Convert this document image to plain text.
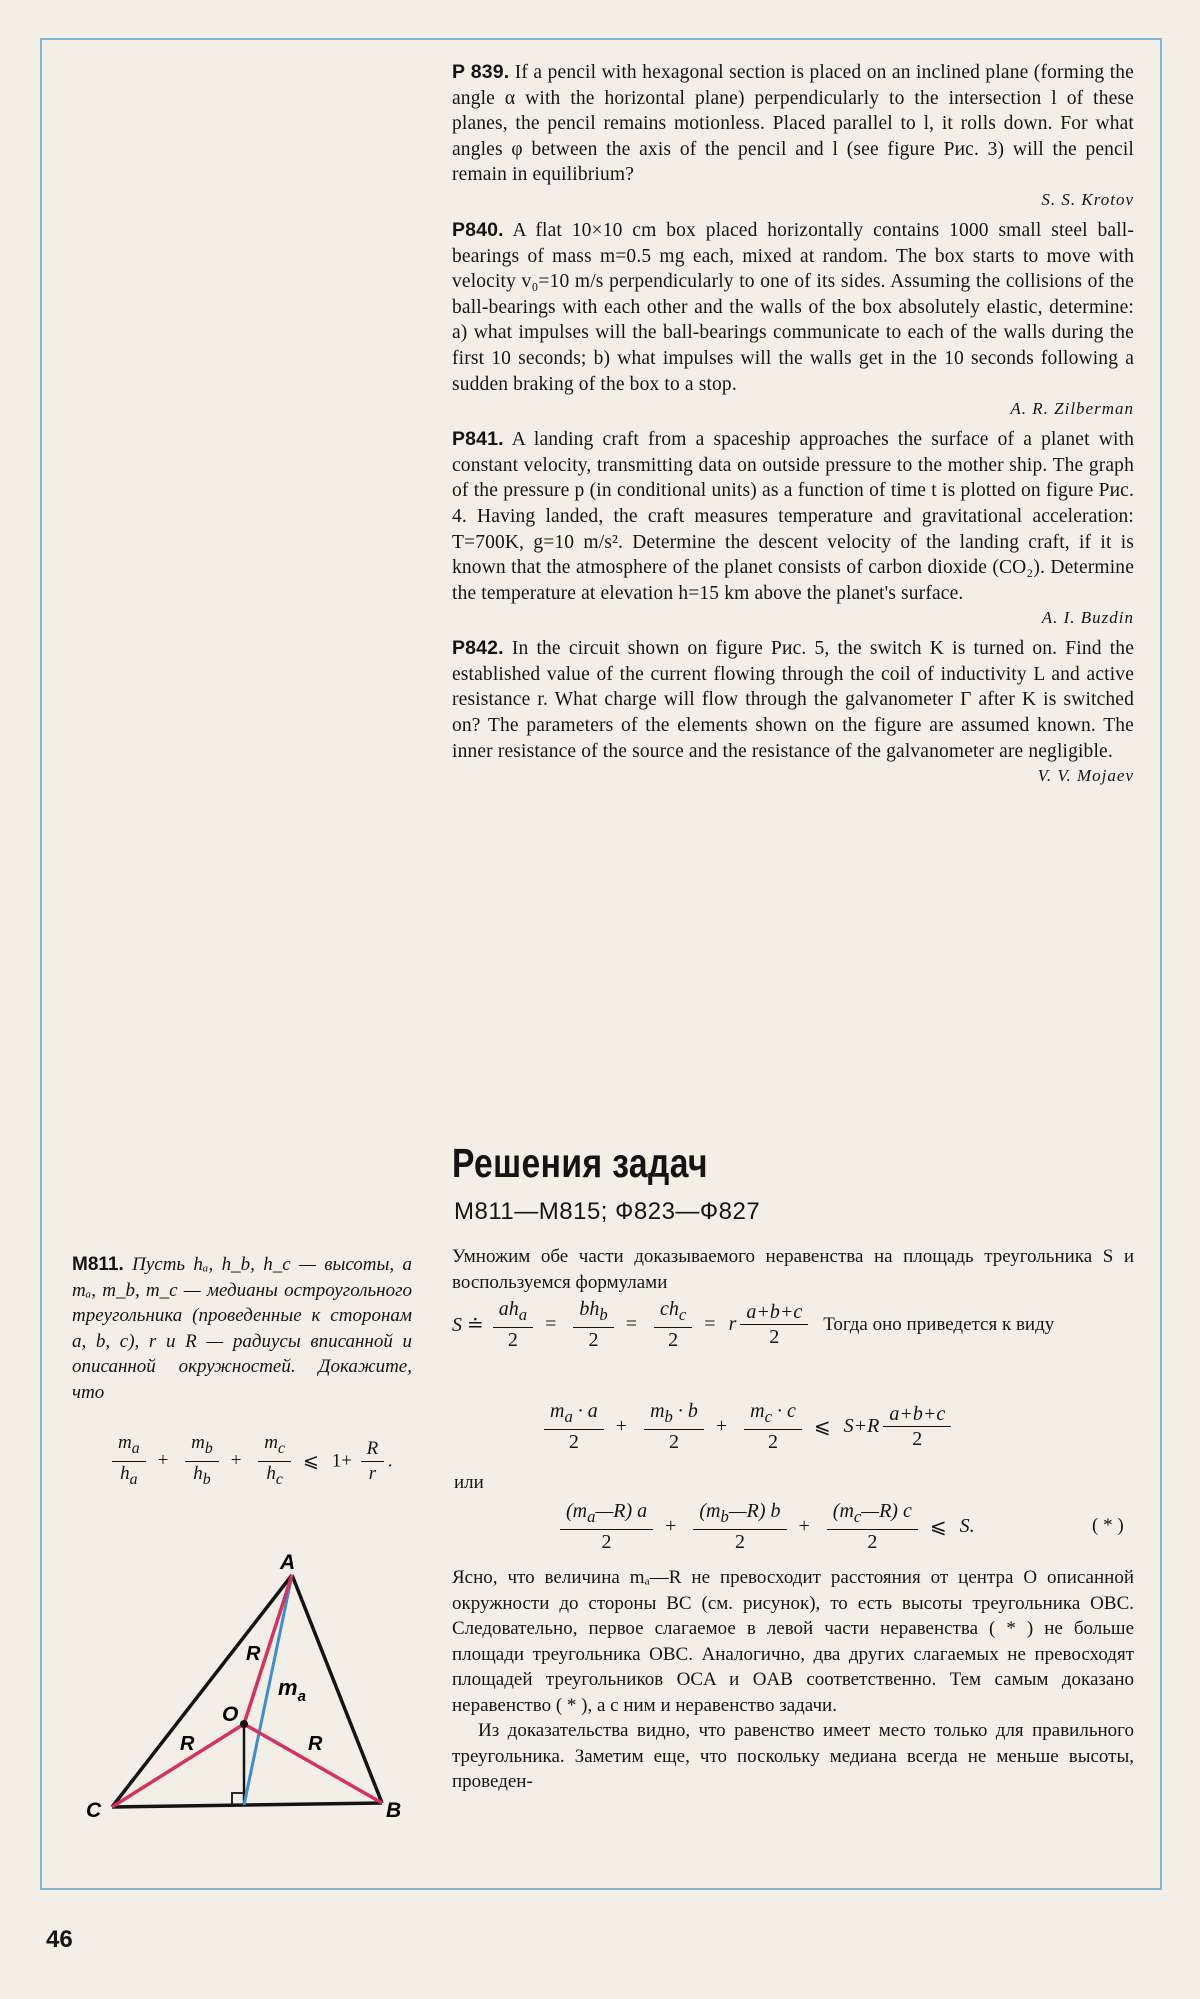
P 839. If a pencil with hexagonal section is placed on an inclined plane (forming the angle α with the horizontal plane) perpendicularly to the intersection l of these planes, the pencil remains motionless. Placed parallel to l, it rolls down. For what angles φ between the axis of the pencil and l (see figure Рис. 3) will the pencil remain in equilibrium?

S. S. Krotov

P840. A flat 10×10 cm box placed horizontally contains 1000 small steel ball-bearings of mass m=0.5 mg each, mixed at random. The box starts to move with velocity v₀=10 m/s perpendicularly to one of its sides. Assuming the collisions of the ball-bearings with each other and the walls of the box absolutely elastic, determine: a) what impulses will the ball-bearings communicate to each of the walls during the first 10 seconds; b) what impulses will the walls get in the 10 seconds following a sudden braking of the box to a stop.

A. R. Zilberman

P841. A landing craft from a spaceship approaches the surface of a planet with constant velocity, transmitting data on outside pressure to the mother ship. The graph of the pressure p (in conditional units) as a function of time t is plotted on figure Рис. 4. Having landed, the craft measures temperature and gravitational acceleration: T=700K, g=10 m/s². Determine the descent velocity of the landing craft, if it is known that the atmosphere of the planet consists of carbon dioxide (CO₂). Determine the temperature at elevation h=15 km above the planet's surface.

A. I. Buzdin

P842. In the circuit shown on figure Рис. 5, the switch K is turned on. Find the established value of the current flowing through the coil of inductivity L and active resistance r. What charge will flow through the galvanometer Γ after K is switched on? The parameters of the elements shown on the figure are assumed known. The inner resistance of the source and the resistance of the galvanometer are negligible.

V. V. Mojaev
Решения задач
M811—M815; Ф823—Ф827

Умножим обе части доказываемого неравенства на площадь треугольника S и воспользуемся формулами

S ≐ $\frac{ah_a}{2} = \frac{bh_b}{2} = \frac{ch_c}{2} = r \frac{a+b+c}{2}$ Тогда оно приведется к виду
$\frac{m_a \cdot a}{2} + \frac{m_b \cdot b}{2} + \frac{m_c \cdot c}{2}$ ⩽ $S+R \frac{a+b+c}{2}$
или
$\frac{(m_a—R) a}{2} + \frac{(m_b—R) b}{2} + \frac{(m_c—R) c}{2}$ ⩽ S.	( * )

Ясно, что величина mₐ—R не превосходит расстояния от центра O описанной окружности до стороны BC (см. рисунок), то есть высоты треугольника OBC. Следовательно, первое слагаемое в левой части неравенства ( * ) не больше площади треугольника OBC. Аналогично, два других слагаемых не превосходят площадей треугольников OCA и OAB соответственно. Тем самым доказано неравенство ( * ), а с ним и неравенство задачи.

Из доказательства видно, что равенство имеет место только для правильного треугольника. Заметим еще, что поскольку медиана всегда не меньше высоты, проведен-

M811. Пусть hₐ, h_b, h_c — высоты, а mₐ, m_b, m_c — медианы остроугольного треугольника (проведенные к сторонам a, b, c), r и R — радиусы вписанной и описанной окружностей. Докажите, что
$\frac{m_a}{h_a} + \frac{m_b}{h_b} + \frac{m_c}{h_c}$ ⩽ $1+ \frac{R}{r}$ .
A
C	B
O
R
R	R
$m_a$
46
